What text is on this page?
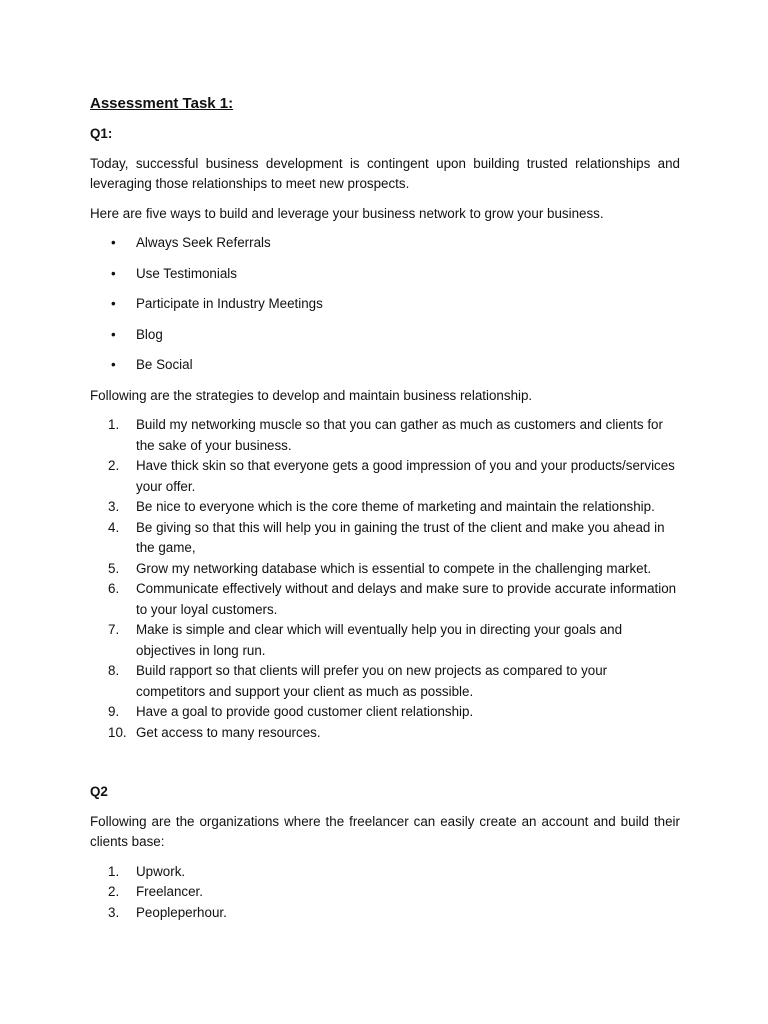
Assessment Task 1:
Q1:

Today, successful business development is contingent upon building trusted relationships and leveraging those relationships to meet new prospects.

Here are five ways to build and leverage your business network to grow your business.

• Always Seek Referrals
• Use Testimonials
• Participate in Industry Meetings
• Blog
• Be Social

Following are the strategies to develop and maintain business relationship.

1.	Build my networking muscle so that you can gather as much as customers and clients for the sake of your business.
2.	Have thick skin so that everyone gets a good impression of you and your products/services your offer.
3.	Be nice to everyone which is the core theme of marketing and maintain the relationship.
4.	Be giving so that this will help you in gaining the trust of the client and make you ahead in the game,
5.	Grow my networking database which is essential to compete in the challenging market.
6.	Communicate effectively without and delays and make sure to provide accurate information to your loyal customers.
7.	Make is simple and clear which will eventually help you in directing your goals and objectives in long run.
8.	Build rapport so that clients will prefer you on new projects as compared to your competitors and support your client as much as possible.
9.	Have a goal to provide good customer client relationship.
10. Get access to many resources.
Q2

Following are the organizations where the freelancer can easily create an account and build their clients base:

1.	Upwork.
2.	Freelancer.
3.	Peopleperhour.
